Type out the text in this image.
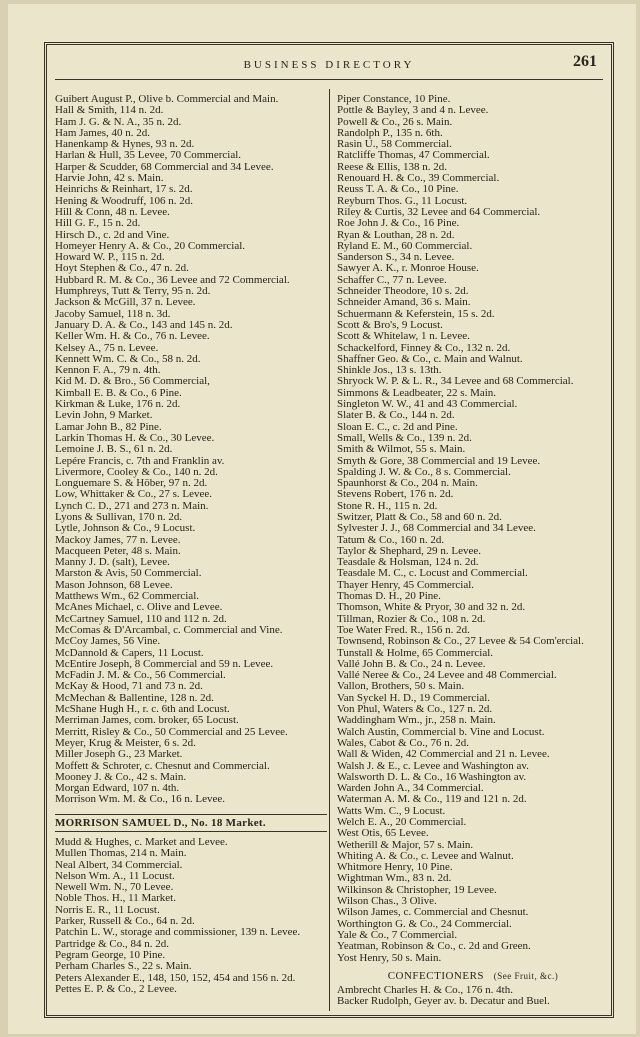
BUSINESS DIRECTORY	261
Guibert August P., Olive b. Commercial and Main.
Hall & Smith, 114 n. 2d.
Ham J. G. & N. A., 35 n. 2d.
Ham James, 40 n. 2d.
Hanenkamp & Hynes, 93 n. 2d.
Harlan & Hull, 35 Levee, 70 Commercial.
Harper & Scudder, 68 Commercial and 34 Levee.
Harvie John, 42 s. Main.
Heinrichs & Reinhart, 17 s. 2d.
Hening & Woodruff, 106 n. 2d.
Hill & Conn, 48 n. Levee.
Hill G. F., 15 n. 2d.
Hirsch D., c. 2d and Vine.
Homeyer Henry A. & Co., 20 Commercial.
Howard W. P., 115 n. 2d.
Hoyt Stephen & Co., 47 n. 2d.
Hubbard R. M. & Co., 36 Levee and 72 Commercial.
Humphreys, Tutt & Terry, 95 n. 2d.
Jackson & McGill, 37 n. Levee.
Jacoby Samuel, 118 n. 3d.
January D. A. & Co., 143 and 145 n. 2d.
Keller Wm. H. & Co., 76 n. Levee.
Kelsey A., 75 n. Levee.
Kennett Wm. C. & Co., 58 n. 2d.
Kennon F. A., 79 n. 4th.
Kid M. D. & Bro., 56 Commercial,
Kimball E. B. & Co., 6 Pine.
Kirkman & Luke, 176 n. 2d.
Levin John, 9 Market.
Lamar John B., 82 Pine.
Larkin Thomas H. & Co., 30 Levee.
Lemoine J. B. S., 61 n. 2d.
Lepére Francis, c. 7th and Franklin av.
Livermore, Cooley & Co., 140 n. 2d.
Longuemare S. & Höber, 97 n. 2d.
Low, Whittaker & Co., 27 s. Levee.
Lynch C. D., 271 and 273 n. Main.
Lyons & Sullivan, 170 n. 2d.
Lytle, Johnson & Co., 9 Locust.
Mackoy James, 77 n. Levee.
Macqueen Peter, 48 s. Main.
Manny J. D. (salt), Levee.
Marston & Avis, 50 Commercial.
Mason Johnson, 68 Levee.
Matthews Wm., 62 Commercial.
McAnes Michael, c. Olive and Levee.
McCartney Samuel, 110 and 112 n. 2d.
McComas & D'Arcambal, c. Commercial and Vine.
McCoy James, 56 Vine.
McDannold & Capers, 11 Locust.
McEntire Joseph, 8 Commercial and 59 n. Levee.
McFadin J. M. & Co., 56 Commercial.
McKay & Hood, 71 and 73 n. 2d.
McMechan & Ballentine, 128 n. 2d.
McShane Hugh H., r. c. 6th and Locust.
Merriman James, com. broker, 65 Locust.
Merritt, Risley & Co., 50 Commercial and 25 Levee.
Meyer, Krug & Meister, 6 s. 2d.
Miller Joseph G., 23 Market.
Moffett & Schroter, c. Chesnut and Commercial.
Mooney J. & Co., 42 s. Main.
Morgan Edward, 107 n. 4th.
Morrison Wm. M. & Co., 16 n. Levee.
MORRISON SAMUEL D., No. 18 Market.
Mudd & Hughes, c. Market and Levee.
Mullen Thomas, 214 n. Main.
Neal Albert, 34 Commercial.
Nelson Wm. A., 11 Locust.
Newell Wm. N., 70 Levee.
Noble Thos. H., 11 Market.
Norris E. R., 11 Locust.
Parker, Russell & Co., 64 n. 2d.
Patchin L. W., storage and commissioner, 139 n. Levee.
Partridge & Co., 84 n. 2d.
Pegram George, 10 Pine.
Perham Charles S., 22 s. Main.
Peters Alexander E., 148, 150, 152, 454 and 156 n. 2d.
Pettes E. P. & Co., 2 Levee.
Piper Constance, 10 Pine.
Pottle & Bayley, 3 and 4 n. Levee.
Powell & Co., 26 s. Main.
Randolph P., 135 n. 6th.
Rasin U., 58 Commercial.
Ratcliffe Thomas, 47 Commercial.
Reese & Ellis, 138 n. 2d.
Renouard H. & Co., 39 Commercial.
Reuss T. A. & Co., 10 Pine.
Reyburn Thos. G., 11 Locust.
Riley & Curtis, 32 Levee and 64 Commercial.
Roe John J. & Co., 16 Pine.
Ryan & Louthan, 28 n. 2d.
Ryland E. M., 60 Commercial.
Sanderson S., 34 n. Levee.
Sawyer A. K., r. Monroe House.
Schaffer C., 77 n. Levee.
Schneider Theodore, 10 s. 2d.
Schneider Amand, 36 s. Main.
Schuermann & Keferstein, 15 s. 2d.
Scott & Bro's, 9 Locust.
Scott & Whitelaw, 1 n. Levee.
Schackelford, Finney & Co., 132 n. 2d.
Shaffner Geo. & Co., c. Main and Walnut.
Shinkle Jos., 13 s. 13th.
Shryock W. P. & L. R., 34 Levee and 68 Commercial.
Simmons & Leadbeater, 22 s. Main.
Singleton W. W., 41 and 43 Commercial.
Slater B. & Co., 144 n. 2d.
Sloan E. C., c. 2d and Pine.
Small, Wells & Co., 139 n. 2d.
Smith & Wilmot, 55 s. Main.
Smyth & Gore, 38 Commercial and 19 Levee.
Spalding J. W. & Co., 8 s. Commercial.
Spaunhorst & Co., 204 n. Main.
Stevens Robert, 176 n. 2d.
Stone R. H., 115 n. 2d.
Switzer, Platt & Co., 58 and 60 n. 2d.
Sylvester J. J., 68 Commercial and 34 Levee.
Tatum & Co., 160 n. 2d.
Taylor & Shephard, 29 n. Levee.
Teasdale & Holsman, 124 n. 2d.
Teasdale M. C., c. Locust and Commercial.
Thayer Henry, 45 Commercial.
Thomas D. H., 20 Pine.
Thomson, White & Pryor, 30 and 32 n. 2d.
Tillman, Rozier & Co., 108 n. 2d.
Toe Water Fred. R., 156 n. 2d.
Townsend, Robinson & Co., 27 Levee & 54 Com'ercial.
Tunstall & Holme, 65 Commercial.
Vallé John B. & Co., 24 n. Levee.
Vallé Neree & Co., 24 Levee and 48 Commercial.
Vallon, Brothers, 50 s. Main.
Van Syckel H. D., 19 Commercial.
Von Phul, Waters & Co., 127 n. 2d.
Waddingham Wm., jr., 258 n. Main.
Walch Austin, Commercial b. Vine and Locust.
Wales, Cabot & Co., 76 n. 2d.
Wall & Widen, 42 Commercial and 21 n. Levee.
Walsh J. & E., c. Levee and Washington av.
Walsworth D. L. & Co., 16 Washington av.
Warden John A., 34 Commercial.
Waterman A. M. & Co., 119 and 121 n. 2d.
Watts Wm. C., 9 Locust.
Welch E. A., 20 Commercial.
West Otis, 65 Levee.
Wetherill & Major, 57 s. Main.
Whiting A. & Co., c. Levee and Walnut.
Whitmore Henry, 10 Pine.
Wightman Wm., 83 n. 2d.
Wilkinson & Christopher, 19 Levee.
Wilson Chas., 3 Olive.
Wilson James, c. Commercial and Chesnut.
Worthington G. & Co., 24 Commercial.
Yale & Co., 7 Commercial.
Yeatman, Robinson & Co., c. 2d and Green.
Yost Henry, 50 s. Main.
CONFECTIONERS (See Fruit, &c.)
Ambrecht Charles H. & Co., 176 n. 4th.
Backer Rudolph, Geyer av. b. Decatur and Buel.
